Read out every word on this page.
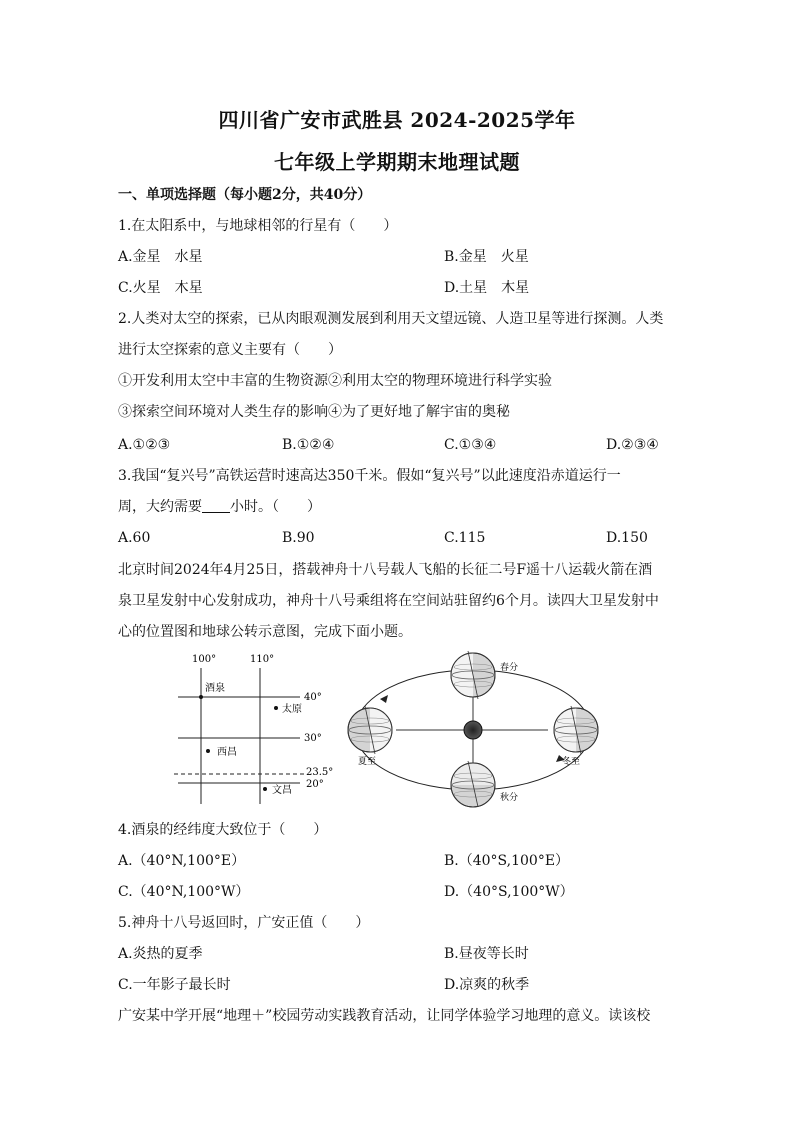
四川省广安市武胜县 2024-2025学年
七年级上学期期末地理试题
一、单项选择题（每小题2分，共40分）
1.在太阳系中，与地球相邻的行星有（　　）
A.金星　水星	B.金星　火星
C.火星　木星	D.土星　木星
2.人类对太空的探索，已从肉眼观测发展到利用天文望远镜、人造卫星等进行探测。人类
进行太空探索的意义主要有（　　）
①开发利用太空中丰富的生物资源②利用太空的物理环境进行科学实验
③探索空间环境对人类生存的影响④为了更好地了解宇宙的奥秘
A.①②③	B.①②④	C.①③④	D.②③④
3.我国“复兴号”高铁运营时速高达350千米。假如“复兴号”以此速度沿赤道运行一
周，大约需要 小时。（　　）
A.60	B.90	C.115	D.150
北京时间2024年4月25日，搭载神舟十八号载人飞船的长征二号F遥十八运载火箭在酒
泉卫星发射中心发射成功，神舟十八号乘组将在空间站驻留约6个月。读四大卫星发射中
心的位置图和地球公转示意图，完成下面小题。
100°	110°
40°
30°
23.5°
20°
酒泉
太原
西昌
文昌
春分
夏至
秋分
冬至
4.酒泉的经纬度大致位于（　　）
A.（40°N,100°E）	B.（40°S,100°E）
C.（40°N,100°W）	D.（40°S,100°W）
5.神舟十八号返回时，广安正值（　　）
A.炎热的夏季	B.昼夜等长时
C.一年影子最长时	D.凉爽的秋季
广安某中学开展“地理＋”校园劳动实践教育活动，让同学体验学习地理的意义。读该校
